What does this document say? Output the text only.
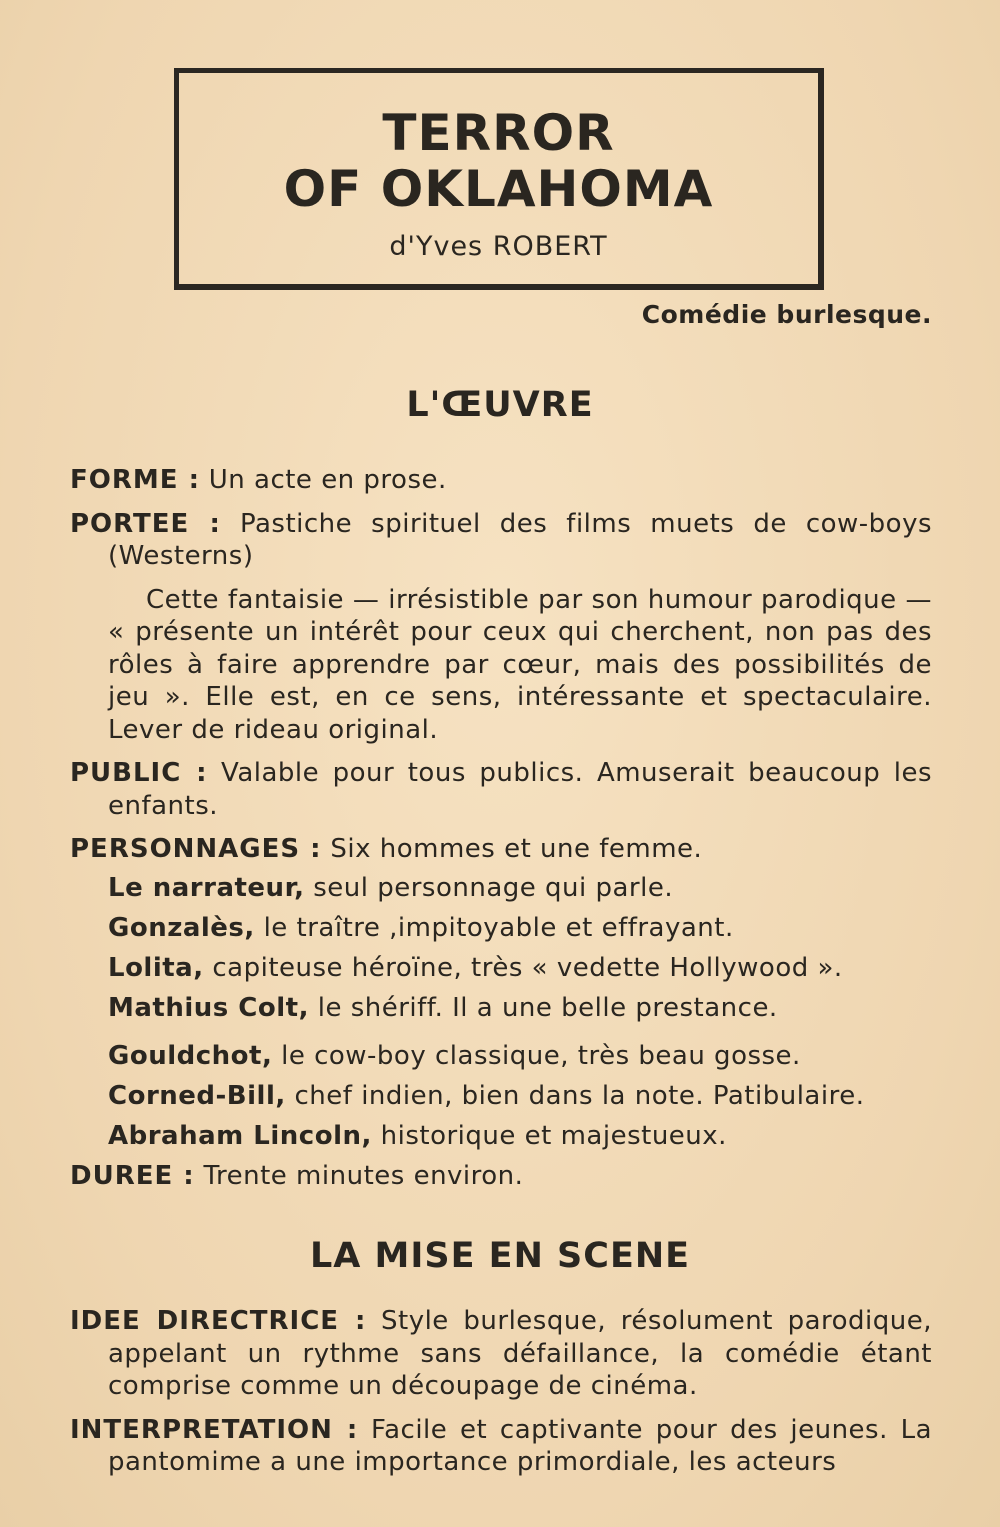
TERROR
OF OKLAHOMA
d'Yves ROBERT
Comédie burlesque.
L'ŒUVRE

FORME : Un acte en prose.

PORTEE : Pastiche spirituel des films muets de cow-boys (Westerns)

Cette fantaisie — irrésistible par son humour parodique — « présente un intérêt pour ceux qui cherchent, non pas des rôles à faire apprendre par cœur, mais des possibilités de jeu ». Elle est, en ce sens, intéressante et spectaculaire. Lever de rideau original.

PUBLIC : Valable pour tous publics. Amuserait beaucoup les enfants.

PERSONNAGES : Six hommes et une femme.

Le narrateur, seul personnage qui parle.
Gonzalès, le traître ,impitoyable et effrayant.
Lolita, capiteuse héroïne, très « vedette Hollywood ».
Mathius Colt, le shériff. Il a une belle prestance.
Gouldchot, le cow-boy classique, très beau gosse.
Corned-Bill, chef indien, bien dans la note. Patibulaire.
Abraham Lincoln, historique et majestueux.

DUREE : Trente minutes environ.

LA MISE EN SCENE

IDEE DIRECTRICE : Style burlesque, résolument parodique, appelant un rythme sans défaillance, la comédie étant comprise comme un découpage de cinéma.

INTERPRETATION : Facile et captivante pour des jeunes. La pantomime a une importance primordiale, les acteurs
